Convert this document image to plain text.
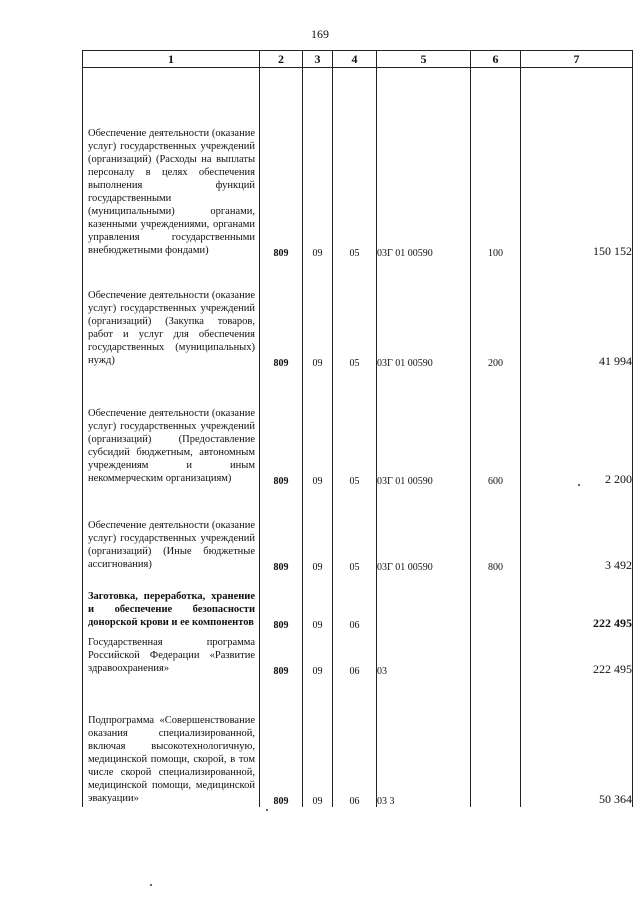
169
1	2	3	4	5	6	7
Обеспечение деятельности (оказание услуг) государственных учреждений (организаций) (Расходы на выплаты персоналу в целях обеспечения выполнения функций государственными (муниципальными) органами, казенными учреждениями, органами управления государственными внебюджетными фондами)	809	09	05	03Г 01 00590	100	150 152

Обеспечение деятельности (оказание услуг) государственных учреждений (организаций) (Закупка товаров, работ и услуг для обеспечения государственных (муниципальных) нужд)	809	09	05	03Г 01 00590	200	41 994
Обеспечение деятельности (оказание услуг) государственных учреждений (организаций) (Предоставление субсидий бюджетным, автономным учреждениям и иным некоммерческим организациям)	809	09	05	03Г 01 00590	600	2 200

Обеспечение деятельности (оказание услуг) государственных учреждений (организаций) (Иные бюджетные ассигнования)	809	09	05	03Г 01 00590	800	3 492
Заготовка, переработка, хранение и обеспечение безопасности донорской крови и ее компонентов	809	09	06			222 495
Государственная программа Российской Федерации «Развитие здравоохранения»	809	09	06	03		222 495
Подпрограмма «Совершенствование оказания специализированной, включая высокотехнологичную, медицинской помощи, скорой, в том числе скорой специализированной, медицинской помощи, медицинской эвакуации»	809	09	06	03 3		50 364
